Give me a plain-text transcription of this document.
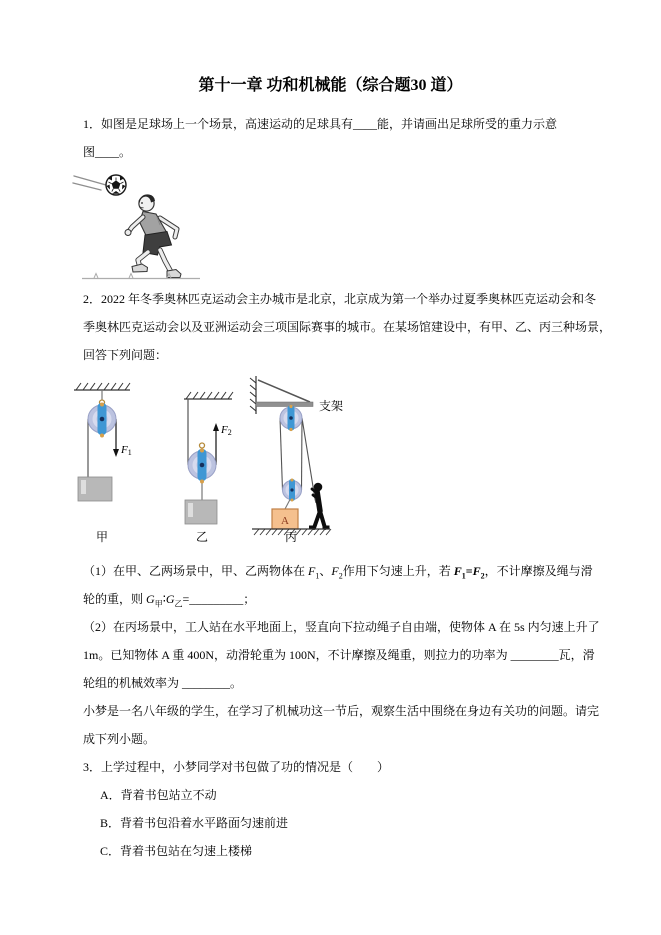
第十一章 功和机械能（综合题30 道）
1．如图是足球场上一个场景，高速运动的足球具有____能，并请画出足球所受的重力示意
图____。
2．2022 年冬季奥林匹克运动会主办城市是北京，北京成为第一个举办过夏季奥林匹克运动会和冬
季奥林匹克运动会以及亚洲运动会三项国际赛事的城市。在某场馆建设中，有甲、乙、丙三种场景，
回答下列问题：
F1
甲
F2
乙
支架
A
丙
（1）在甲、乙两场景中，甲、乙两物体在 $F_1$、$F_2$作用下匀速上升，若 $F_1=F_2$，不计摩擦及绳与滑
轮的重，则 $G_甲∶G_乙=\_\_\_\_\_\_\_\_\_$；
（2）在丙场景中，工人站在水平地面上，竖直向下拉动绳子自由端，使物体 A 在 5s 内匀速上升了
1m。已知物体 A 重 400N，动滑轮重为 100N，不计摩擦及绳重，则拉力的功率为 ________瓦，滑
轮组的机械效率为 ________。
小梦是一名八年级的学生，在学习了机械功这一节后，观察生活中围绕在身边有关功的问题。请完
成下列小题。
3．上学过程中，小梦同学对书包做了功的情况是（　　）
A．背着书包站立不动
B．背着书包沿着水平路面匀速前进
C．背着书包站在匀速上楼梯
